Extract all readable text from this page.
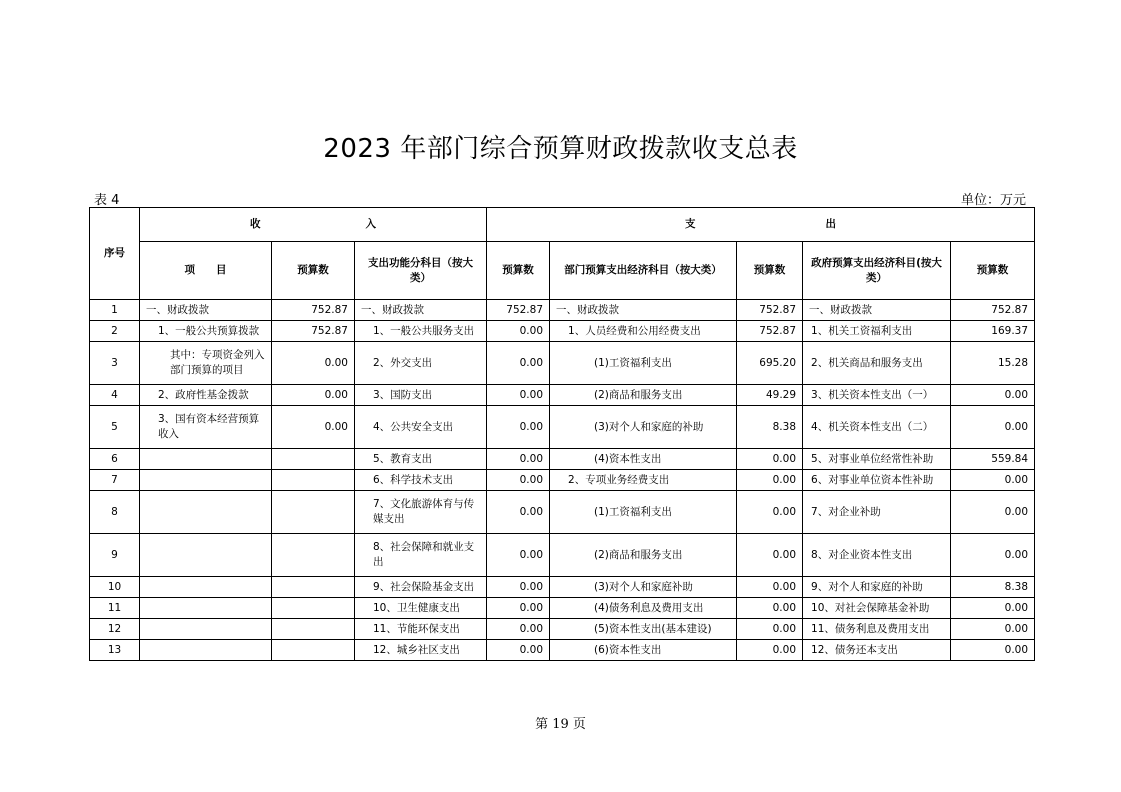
2023 年部门综合预算财政拨款收支总表
表 4	单位：万元
序号	收 入			支 出				
	项　　目	预算数	支出功能分科目（按大类）	预算数	部门预算支出经济科目（按大类）	预算数	政府预算支出经济科目(按大类）	预算数
1	一、财政拨款	752.87	一、财政拨款	752.87	一、财政拨款	752.87	一、财政拨款	752.87
2	1、一般公共预算拨款	752.87	1、一般公共服务支出	0.00	1、人员经费和公用经费支出	752.87	1、机关工资福利支出	169.37
3	其中：专项资金列入部门预算的项目	0.00	2、外交支出	0.00	(1)工资福利支出	695.20	2、机关商品和服务支出	15.28
4	2、政府性基金拨款	0.00	3、国防支出	0.00	(2)商品和服务支出	49.29	3、机关资本性支出（一）	0.00
5	3、国有资本经营预算收入	0.00	4、公共安全支出	0.00	(3)对个人和家庭的补助	8.38	4、机关资本性支出（二）	0.00
6			5、教育支出	0.00	(4)资本性支出	0.00	5、对事业单位经常性补助	559.84
7			6、科学技术支出	0.00	2、专项业务经费支出	0.00	6、对事业单位资本性补助	0.00
8			7、文化旅游体育与传媒支出	0.00	(1)工资福利支出	0.00	7、对企业补助	0.00
9			8、社会保障和就业支出	0.00	(2)商品和服务支出	0.00	8、对企业资本性支出	0.00
10			9、社会保险基金支出	0.00	(3)对个人和家庭补助	0.00	9、对个人和家庭的补助	8.38
11			10、卫生健康支出	0.00	(4)债务利息及费用支出	0.00	10、对社会保障基金补助	0.00
12			11、节能环保支出	0.00	(5)资本性支出(基本建设)	0.00	11、债务利息及费用支出	0.00
13			12、城乡社区支出	0.00	(6)资本性支出	0.00	12、债务还本支出	0.00
第 19 页
